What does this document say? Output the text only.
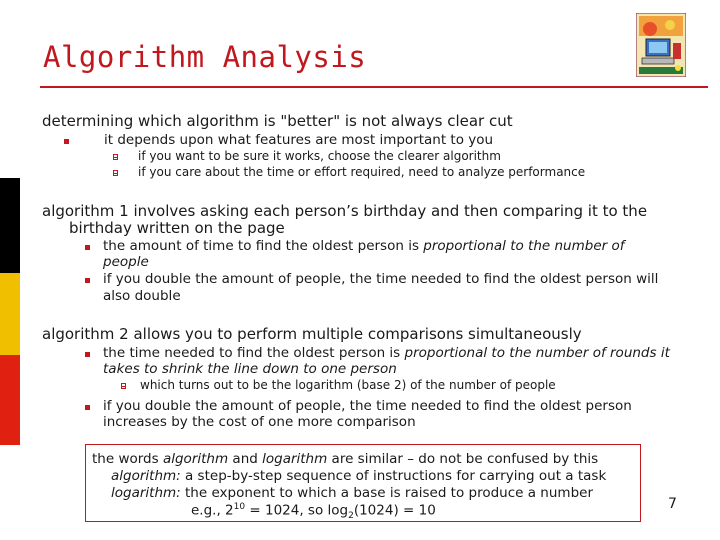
Algorithm Analysis
determining which algorithm is "better" is not always clear cut
it depends upon what features are most important to you
if you want to be sure it works, choose the clearer algorithm
if you care about the time or effort required, need to analyze performance
algorithm 1 involves asking each person’s birthday and then comparing it to the
birthday written on the page
the amount of time to find the oldest person is proportional to the number of
people
if you double the amount of people, the time needed to find the oldest person will
also double
algorithm 2 allows you to perform multiple comparisons simultaneously
the time needed to find the oldest person is proportional to the number of rounds it
takes to shrink the line down to one person
which turns out to be the logarithm (base 2) of the number of people
if you double the amount of people, the time needed to find the oldest person
increases by the cost of one more comparison
the words algorithm and logarithm are similar – do not be confused by this
algorithm: a step-by-step sequence of instructions for carrying out a task
logarithm: the exponent to which a base is raised to produce a number
e.g., $2^{10} = 1024$, so $\log_2(1024) = 10$	7
